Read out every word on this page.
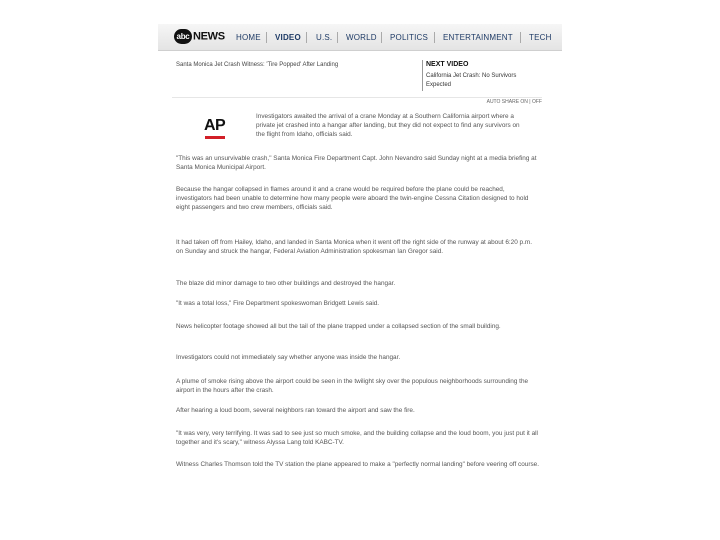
abc NEWS HOME VIDEO U.S. WORLD POLITICS ENTERTAINMENT TECH
Santa Monica Jet Crash Witness: 'Tire Popped' After Landing	NEXT VIDEO
California Jet Crash: No Survivors Expected
AUTO SHARE ON | OFF
AP
Investigators awaited the arrival of a crane Monday at a Southern California airport where a private jet crashed into a hangar after landing, but they did not expect to find any survivors on the flight from Idaho, officials said.
"This was an unsurvivable crash," Santa Monica Fire Department Capt. John Nevandro said Sunday night at a media briefing at Santa Monica Municipal Airport.
Because the hangar collapsed in flames around it and a crane would be required before the plane could be reached, investigators had been unable to determine how many people were aboard the twin-engine Cessna Citation designed to hold eight passengers and two crew members, officials said.
It had taken off from Hailey, Idaho, and landed in Santa Monica when it went off the right side of the runway at about 6:20 p.m. on Sunday and struck the hangar, Federal Aviation Administration spokesman Ian Gregor said.
The blaze did minor damage to two other buildings and destroyed the hangar.
"It was a total loss," Fire Department spokeswoman Bridgett Lewis said.
News helicopter footage showed all but the tail of the plane trapped under a collapsed section of the small building.
Investigators could not immediately say whether anyone was inside the hangar.
A plume of smoke rising above the airport could be seen in the twilight sky over the populous neighborhoods surrounding the airport in the hours after the crash.
After hearing a loud boom, several neighbors ran toward the airport and saw the fire.
"It was very, very terrifying. It was sad to see just so much smoke, and the building collapse and the loud boom, you just put it all together and it's scary," witness Alyssa Lang told KABC-TV.
Witness Charles Thomson told the TV station the plane appeared to make a "perfectly normal landing" before veering off course.
